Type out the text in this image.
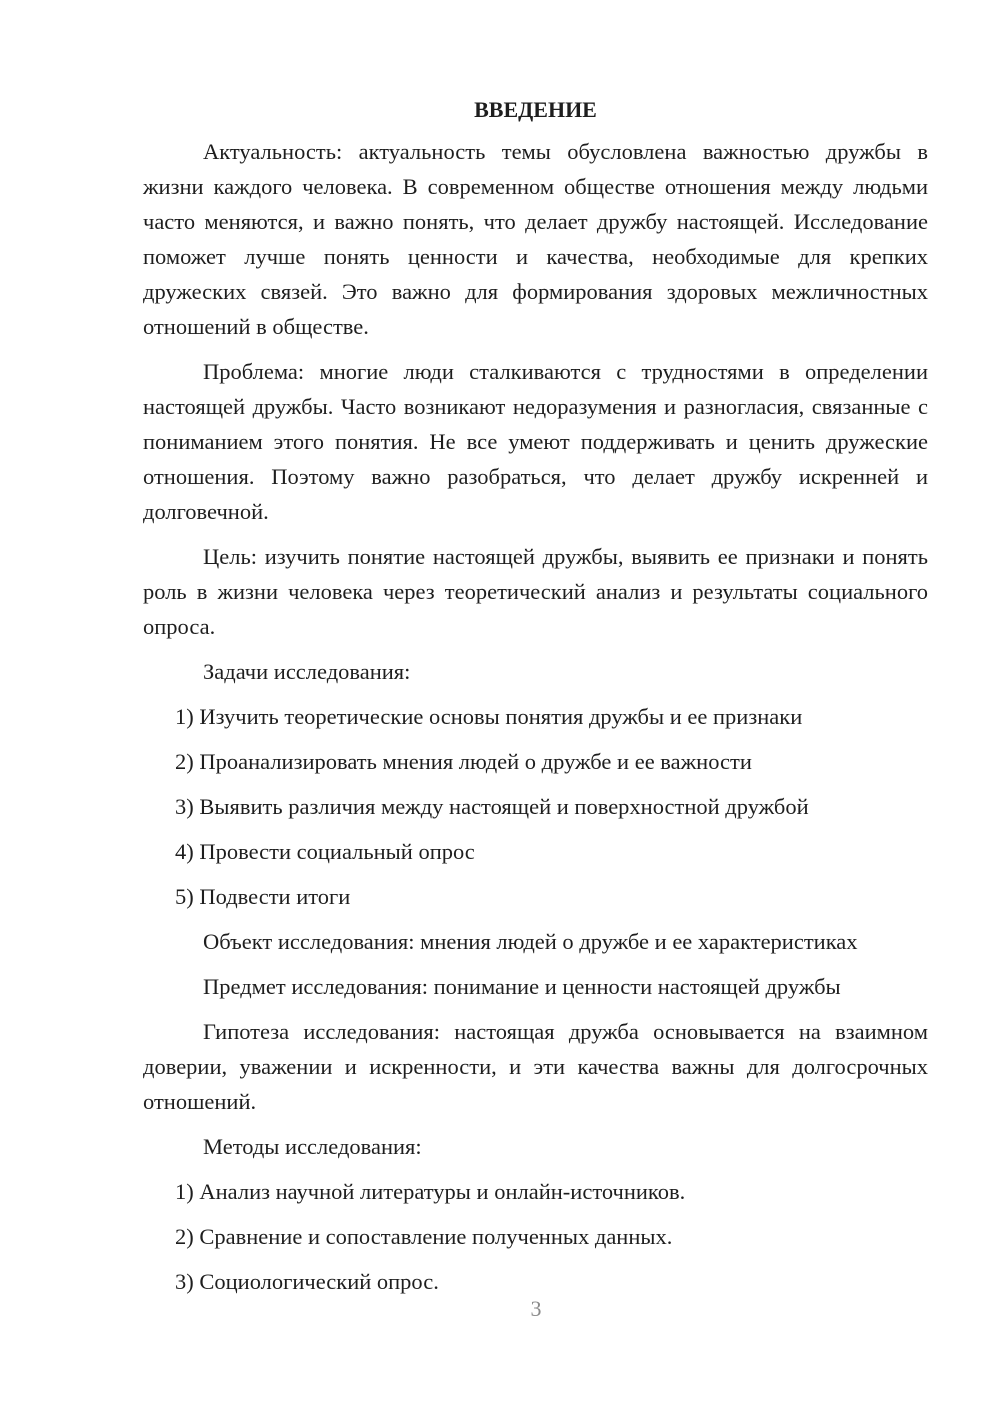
ВВЕДЕНИЕ

Актуальность: актуальность темы обусловлена важностью дружбы в жизни каждого человека. В современном обществе отношения между людьми часто меняются, и важно понять, что делает дружбу настоящей. Исследование поможет лучше понять ценности и качества, необходимые для крепких дружеских связей. Это важно для формирования здоровых межличностных отношений в обществе.

Проблема: многие люди сталкиваются с трудностями в определении настоящей дружбы. Часто возникают недоразумения и разногласия, связанные с пониманием этого понятия. Не все умеют поддерживать и ценить дружеские отношения. Поэтому важно разобраться, что делает дружбу искренней и долговечной.

Цель: изучить понятие настоящей дружбы, выявить ее признаки и понять роль в жизни человека через теоретический анализ и результаты социального опроса.

Задачи исследования:
1) Изучить теоретические основы понятия дружбы и ее признаки
2) Проанализировать мнения людей о дружбе и ее важности
3) Выявить различия между настоящей и поверхностной дружбой
4) Провести социальный опрос
5) Подвести итоги
Объект исследования: мнения людей о дружбе и ее характеристиках
Предмет исследования: понимание и ценности настоящей дружбы

Гипотеза исследования: настоящая дружба основывается на взаимном доверии, уважении и искренности, и эти качества важны для долгосрочных отношений.

Методы исследования:
1) Анализ научной литературы и онлайн-источников.
2) Сравнение и сопоставление полученных данных.
3) Социологический опрос.
3
